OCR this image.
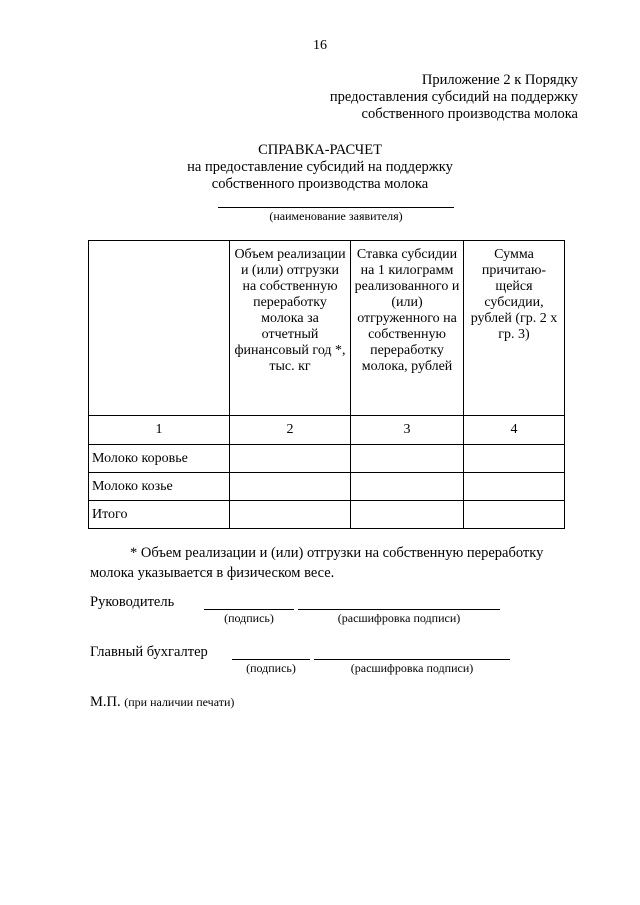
16
Приложение 2 к Порядку
предоставления субсидий на поддержку
собственного производства молока
СПРАВКА-РАСЧЕТ
на предоставление субсидий на поддержку
собственного производства молока
(наименование заявителя)
	Объем реализации и (или) отгрузки на собственную переработку молока за отчетный финансовый год *, тыс. кг	Ставка субсидии на 1 килограмм реализованного и (или) отгруженного на собственную переработку молока, рублей	Сумма причитаю-щейся субсидии, рублей (гр. 2 х гр. 3)
1	2	3	4
Молоко коровье			
Молоко козье			
Итого			
* Объем реализации и (или) отгрузки на собственную переработку молока указывается в физическом весе.
Руководитель
(подпись)	(расшифровка подписи)
Главный бухгалтер
(подпись)	(расшифровка подписи)
М.П. (при наличии печати)
